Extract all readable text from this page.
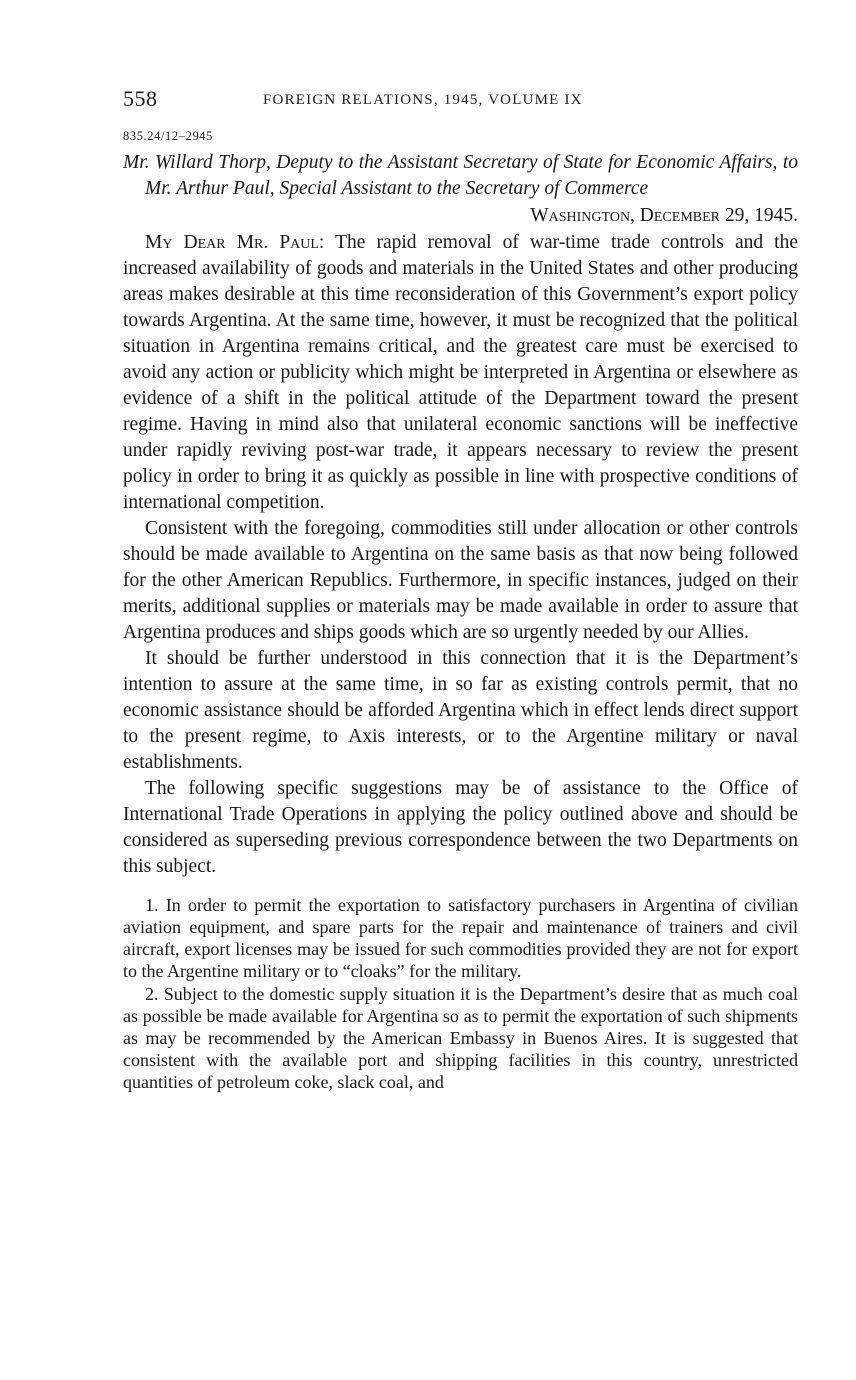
558	FOREIGN RELATIONS, 1945, VOLUME IX
835.24/12–2945
Mr. Willard Thorp, Deputy to the Assistant Secretary of State for Economic Affairs, to Mr. Arthur Paul, Special Assistant to the Secretary of Commerce
Washington, December 29, 1945.

My Dear Mr. Paul: The rapid removal of war-time trade controls and the increased availability of goods and materials in the United States and other producing areas makes desirable at this time reconsideration of this Government’s export policy towards Argentina. At the same time, however, it must be recognized that the political situation in Argentina remains critical, and the greatest care must be exercised to avoid any action or publicity which might be interpreted in Argentina or elsewhere as evidence of a shift in the political attitude of the Department toward the present regime. Having in mind also that unilateral economic sanctions will be ineffective under rapidly reviving post-war trade, it appears necessary to review the present policy in order to bring it as quickly as possible in line with prospective conditions of international competition.

Consistent with the foregoing, commodities still under allocation or other controls should be made available to Argentina on the same basis as that now being followed for the other American Republics. Furthermore, in specific instances, judged on their merits, additional supplies or materials may be made available in order to assure that Argentina produces and ships goods which are so urgently needed by our Allies.

It should be further understood in this connection that it is the Department’s intention to assure at the same time, in so far as existing controls permit, that no economic assistance should be afforded Argentina which in effect lends direct support to the present regime, to Axis interests, or to the Argentine military or naval establishments.

The following specific suggestions may be of assistance to the Office of International Trade Operations in applying the policy outlined above and should be considered as superseding previous correspondence between the two Departments on this subject.

1. In order to permit the exportation to satisfactory purchasers in Argentina of civilian aviation equipment, and spare parts for the repair and maintenance of trainers and civil aircraft, export licenses may be issued for such commodities provided they are not for export to the Argentine military or to “cloaks” for the military.

2. Subject to the domestic supply situation it is the Department’s desire that as much coal as possible be made available for Argentina so as to permit the exportation of such shipments as may be recommended by the American Embassy in Buenos Aires. It is suggested that consistent with the available port and shipping facilities in this country, unrestricted quantities of petroleum coke, slack coal, and
